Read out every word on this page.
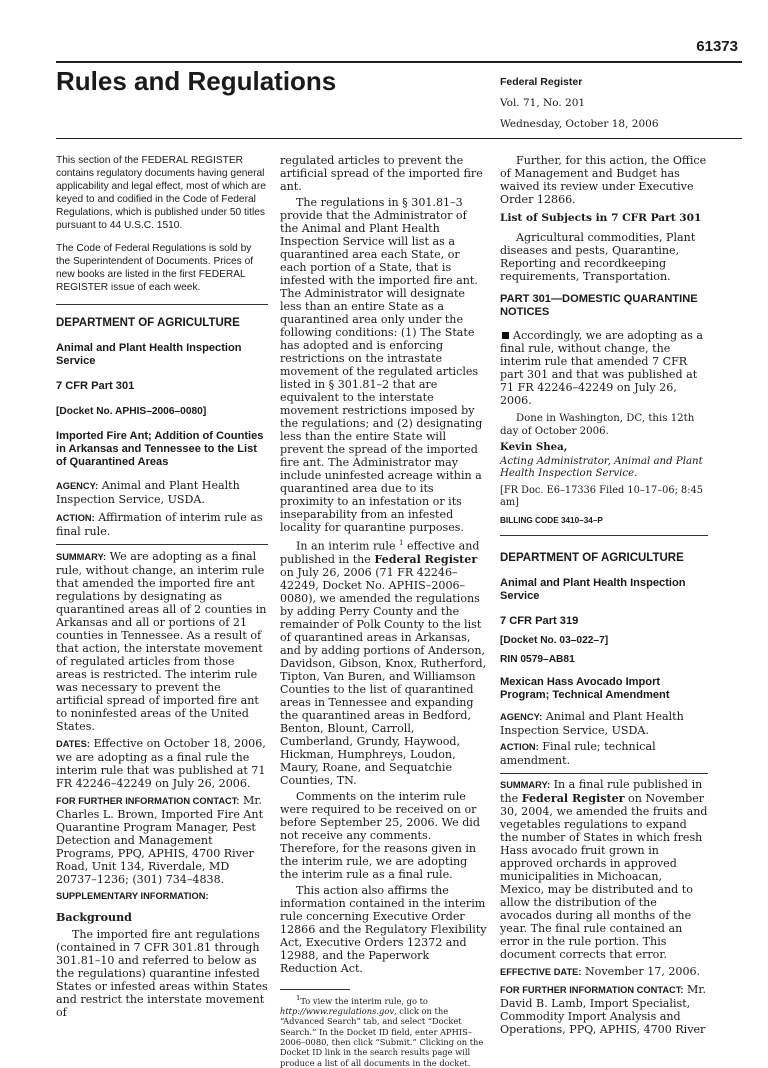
61373
Rules and Regulations	Federal Register
Vol. 71, No. 201
Wednesday, October 18, 2006

This section of the FEDERAL REGISTER contains regulatory documents having general applicability and legal effect, most of which are keyed to and codified in the Code of Federal Regulations, which is published under 50 titles pursuant to 44 U.S.C. 1510.

The Code of Federal Regulations is sold by the Superintendent of Documents. Prices of new books are listed in the first FEDERAL REGISTER issue of each week.

DEPARTMENT OF AGRICULTURE

Animal and Plant Health Inspection Service

7 CFR Part 301

[Docket No. APHIS–2006–0080]

Imported Fire Ant; Addition of Counties in Arkansas and Tennessee to the List of Quarantined Areas

AGENCY: Animal and Plant Health Inspection Service, USDA.

ACTION: Affirmation of interim rule as final rule.

SUMMARY: We are adopting as a final rule, without change, an interim rule that amended the imported fire ant regulations by designating as quarantined areas all of 2 counties in Arkansas and all or portions of 21 counties in Tennessee. As a result of that action, the interstate movement of regulated articles from those areas is restricted. The interim rule was necessary to prevent the artificial spread of imported fire ant to noninfested areas of the United States.

DATES: Effective on October 18, 2006, we are adopting as a final rule the interim rule that was published at 71 FR 42246–42249 on July 26, 2006.

FOR FURTHER INFORMATION CONTACT: Mr. Charles L. Brown, Imported Fire Ant Quarantine Program Manager, Pest Detection and Management Programs, PPQ, APHIS, 4700 River Road, Unit 134, Riverdale, MD 20737–1236; (301) 734–4838.

SUPPLEMENTARY INFORMATION:

Background

The imported fire ant regulations (contained in 7 CFR 301.81 through 301.81–10 and referred to below as the regulations) quarantine infested States or infested areas within States and restrict the interstate movement of

regulated articles to prevent the artificial spread of the imported fire ant.

The regulations in § 301.81–3 provide that the Administrator of the Animal and Plant Health Inspection Service will list as a quarantined area each State, or each portion of a State, that is infested with the imported fire ant. The Administrator will designate less than an entire State as a quarantined area only under the following conditions: (1) The State has adopted and is enforcing restrictions on the intrastate movement of the regulated articles listed in § 301.81–2 that are equivalent to the interstate movement restrictions imposed by the regulations; and (2) designating less than the entire State will prevent the spread of the imported fire ant. The Administrator may include uninfested acreage within a quarantined area due to its proximity to an infestation or its inseparability from an infested locality for quarantine purposes.

In an interim rule $^1$ effective and published in the Federal Register on July 26, 2006 (71 FR 42246–42249, Docket No. APHIS–2006–0080), we amended the regulations by adding Perry County and the remainder of Polk County to the list of quarantined areas in Arkansas, and by adding portions of Anderson, Davidson, Gibson, Knox, Rutherford, Tipton, Van Buren, and Williamson Counties to the list of quarantined areas in Tennessee and expanding the quarantined areas in Bedford, Benton, Blount, Carroll, Cumberland, Grundy, Haywood, Hickman, Humphreys, Loudon, Maury, Roane, and Sequatchie Counties, TN.

Comments on the interim rule were required to be received on or before September 25, 2006. We did not receive any comments. Therefore, for the reasons given in the interim rule, we are adopting the interim rule as a final rule.

This action also affirms the information contained in the interim rule concerning Executive Order 12866 and the Regulatory Flexibility Act, Executive Orders 12372 and 12988, and the Paperwork Reduction Act.

$^1$To view the interim rule, go to http://www.regulations.gov, click on the “Advanced Search” tab, and select “Docket Search.” In the Docket ID field, enter APHIS–2006–0080, then click “Submit.” Clicking on the Docket ID link in the search results page will produce a list of all documents in the docket.

Further, for this action, the Office of Management and Budget has waived its review under Executive Order 12866.

List of Subjects in 7 CFR Part 301

Agricultural commodities, Plant diseases and pests, Quarantine, Reporting and recordkeeping requirements, Transportation.

PART 301—DOMESTIC QUARANTINE NOTICES

Accordingly, we are adopting as a final rule, without change, the interim rule that amended 7 CFR part 301 and that was published at 71 FR 42246–42249 on July 26, 2006.

Done in Washington, DC, this 12th day of October 2006.

Kevin Shea,

Acting Administrator, Animal and Plant Health Inspection Service.

[FR Doc. E6–17336 Filed 10–17–06; 8:45 am]

BILLING CODE 3410–34–P

DEPARTMENT OF AGRICULTURE

Animal and Plant Health Inspection Service

7 CFR Part 319

[Docket No. 03–022–7]

RIN 0579–AB81

Mexican Hass Avocado Import Program; Technical Amendment

AGENCY: Animal and Plant Health Inspection Service, USDA.

ACTION: Final rule; technical amendment.

SUMMARY: In a final rule published in the Federal Register on November 30, 2004, we amended the fruits and vegetables regulations to expand the number of States in which fresh Hass avocado fruit grown in approved orchards in approved municipalities in Michoacan, Mexico, may be distributed and to allow the distribution of the avocados during all months of the year. The final rule contained an error in the rule portion. This document corrects that error.

EFFECTIVE DATE: November 17, 2006.

FOR FURTHER INFORMATION CONTACT: Mr. David B. Lamb, Import Specialist, Commodity Import Analysis and Operations, PPQ, APHIS, 4700 River
